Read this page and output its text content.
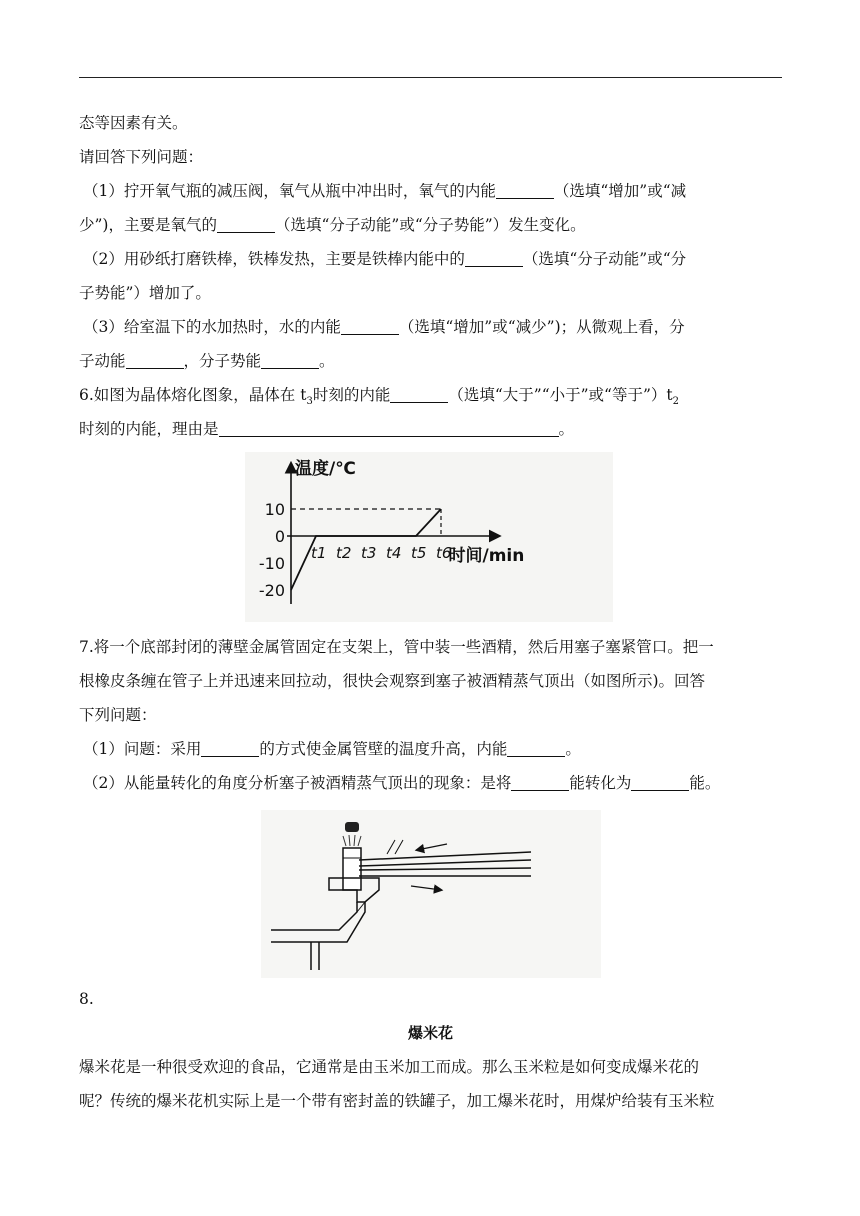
态等因素有关。
请回答下列问题：
（1）拧开氧气瓶的减压阀，氧气从瓶中冲出时，氧气的内能	（选填“增加”或“减
少”)，主要是氧气的	（选填“分子动能”或“分子势能”）发生变化。
（2）用砂纸打磨铁棒，铁棒发热，主要是铁棒内能中的	（选填“分子动能”或“分
子势能”）增加了。
（3）给室温下的水加热时，水的内能	（选填“增加”或“减少”)；从微观上看，分
子动能	，分子势能	。
6.如图为晶体熔化图象，晶体在 $t_3$时刻的内能	（选填“大于”“小于”或“等于$”)t_2$
时刻的内能，理由是	。
温度/℃
时间/min
10
0
-10
-20
t1 t2 t3 t4 t5 t6
7.将一个底部封闭的薄壁金属管固定在支架上，管中装一些酒精，然后用塞子塞紧管口。把一
根橡皮条缠在管子上并迅速来回拉动，很快会观察到塞子被酒精蒸气顶出（如图所示)。回答
下列问题：
（1）问题：采用	的方式使金属管壁的温度升高，内能	。
（2）从能量转化的角度分析塞子被酒精蒸气顶出的现象：是将	能转化为	能。
8.
爆米花
爆米花是一种很受欢迎的食品，它通常是由玉米加工而成。那么玉米粒是如何变成爆米花的
呢？传统的爆米花机实际上是一个带有密封盖的铁罐子，加工爆米花时，用煤炉给装有玉米粒
